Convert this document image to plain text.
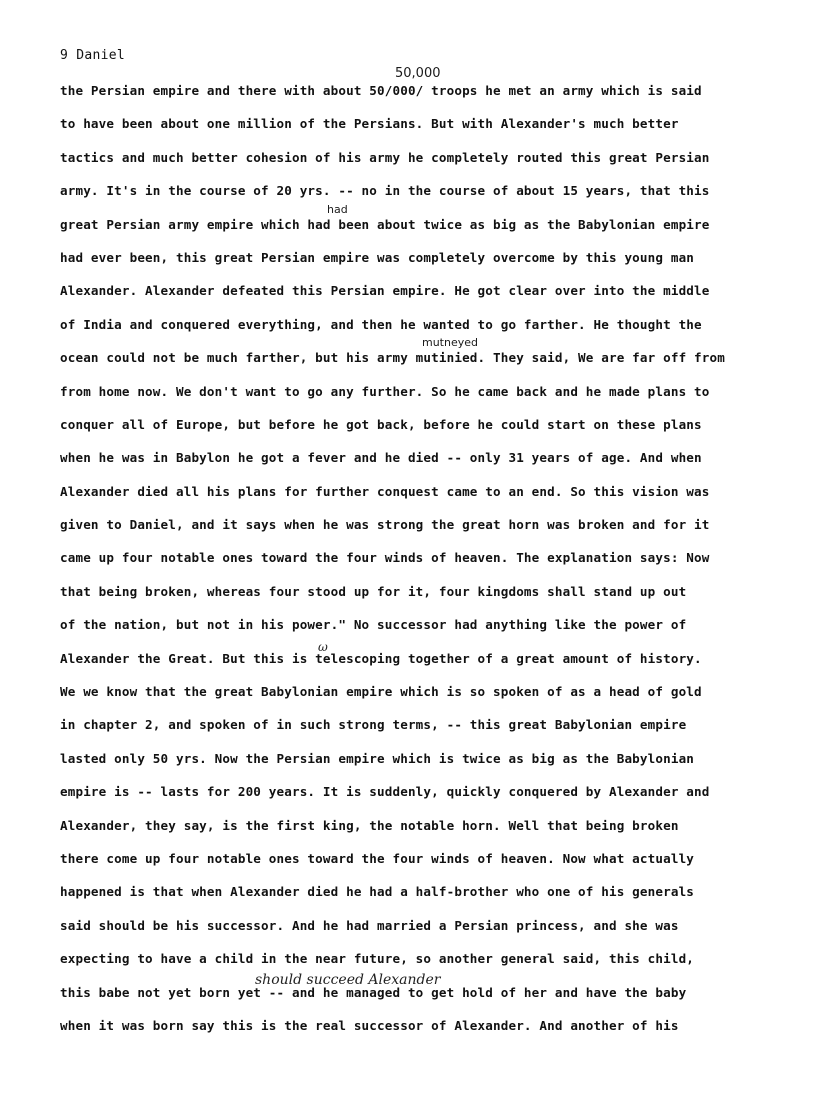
9 Daniel
50,000
had
mutneyed
ω
should succeed Alexander
the Persian empire and there with about 50/000/ troops he met an army which is said
to have been about one million of the Persians. But with Alexander's much better
tactics and much better cohesion of his army he completely routed this great Persian
army. It's in the course of 20 yrs. -- no in the course of about 15 years, that this
great Persian army empire which had been about twice as big as the Babylonian empire
had ever been, this great Persian empire was completely overcome by this young man
Alexander. Alexander defeated this Persian empire. He got clear over into the middle
of India and conquered everything, and then he wanted to go farther. He thought the
ocean could not be much farther, but his army mutinied. They said, We are far off from
from home now. We don't want to go any further. So he came back and he made plans to
conquer all of Europe, but before he got back, before he could start on these plans
when he was in Babylon he got a fever and he died -- only 31 years of age. And when
Alexander died all his plans for further conquest came to an end. So this vision was
given to Daniel, and it says when he was strong the great horn was broken and for it
came up four notable ones toward the four winds of heaven. The explanation says: Now
that being broken, whereas four stood up for it, four kingdoms shall stand up out
of the nation, but not in his power." No successor had anything like the power of
Alexander the Great. But this is telescoping together of a great amount of history.
We we know that the great Babylonian empire which is so spoken of as a head of gold
in chapter 2, and spoken of in such strong terms, -- this great Babylonian empire
lasted only 50 yrs. Now the Persian empire which is twice as big as the Babylonian
empire is -- lasts for 200 years. It is suddenly, quickly conquered by Alexander and
Alexander, they say, is the first king, the notable horn. Well that being broken
there come up four notable ones toward the four winds of heaven. Now what actually
happened is that when Alexander died he had a half-brother who one of his generals
said should be his successor. And he had married a Persian princess, and she was
expecting to have a child in the near future, so another general said, this child,
this babe not yet born yet -- and he managed to get hold of her and have the baby
when it was born say this is the real successor of Alexander. And another of his
